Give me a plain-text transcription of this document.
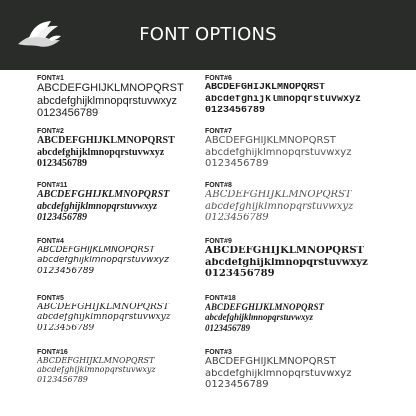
FONT OPTIONS
FONT#1
ABCDEFGHIJKLMNOPQRST
abcdefghijklmnopqrstuvwxyz
0123456789
FONT#2
ABCDEFGHIJKLMNOPQRST
abcdefghijklmnopqrstuvwxyz
0123456789
FONT#11
ABCDEFGHIJKLMNOPQRST
abcdefghijklmnopqrstuvwxyz
0123456789
FONT#4
ABCDEFGHIJKLMNOPQRST
abcdefghijklmnopqrstuvwxyz
0123456789
FONT#5
ABCDEFGHIJKLMNOPQRST
abcdefghijklmnopqrstuvwxyz
0123456789
FONT#16
ABCDEFGHIJKLMNOPQRST
abcdefghijklmnopqrstuvwxyz
0123456789
FONT#6
ABCDEFGHIJKLMNOPQRST
abcdefghijklmnopqrstuvwxyz
0123456789
FONT#7
ABCDEFGHIJKLMNOPQRST
abcdefghijklmnopqrstuvwxyz
0123456789
FONT#8
ABCDEFGHIJKLMNOPQRST
abcdefghijklmnopqrstuvwxyz
0123456789
FONT#9
ABCDEFGHIJKLMNOPQRST
abcdefghijklmnopqrstuvwxyz
0123456789
FONT#18
ABCDEFGHIJKLMNOPQRST
abcdefghijklmnopqrstuvwxyz
0123456789
FONT#3
ABCDEFGHIJKLMNOPQRST
abcdefghijklmnopqrstuvwxyz
0123456789
